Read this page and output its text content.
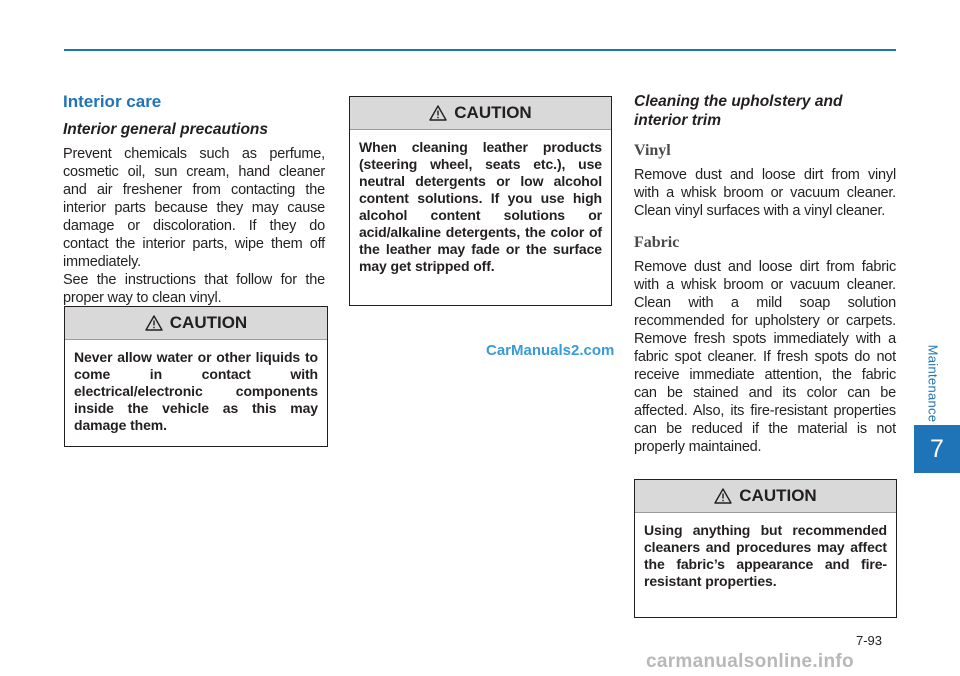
Maintenance
7
Interior care
Interior general precautions

Prevent chemicals such as perfume, cosmetic oil, sun cream, hand cleaner and air freshener from contacting the interior parts because they may cause damage or discoloration. If they do contact the interior parts, wipe them off immediately.

See the instructions that follow for the proper way to clean vinyl.

CAUTION
Never allow water or other liquids to come in contact with electrical/electronic components inside the vehicle as this may damage them.
CAUTION
When cleaning leather products (steering wheel, seats etc.), use neutral detergents or low alcohol content solutions. If you use high alcohol content solutions or acid/alkaline detergents, the color of the leather may fade or the surface may get stripped off.
CarManuals2.com
Cleaning the upholstery and interior trim
Vinyl
Remove dust and loose dirt from vinyl with a whisk broom or vacuum cleaner. Clean vinyl surfaces with a vinyl cleaner.
Fabric
Remove dust and loose dirt from fabric with a whisk broom or vacuum cleaner. Clean with a mild soap solution recommended for upholstery or carpets. Remove fresh spots immediately with a fabric spot cleaner. If fresh spots do not receive immediate attention, the fabric can be stained and its color can be affected. Also, its fire-resistant properties can be reduced if the material is not properly maintained.
CAUTION
Using anything but recommended cleaners and procedures may affect the fabric’s appearance and fire-resistant properties.
7-93
carmanualsonline.info
